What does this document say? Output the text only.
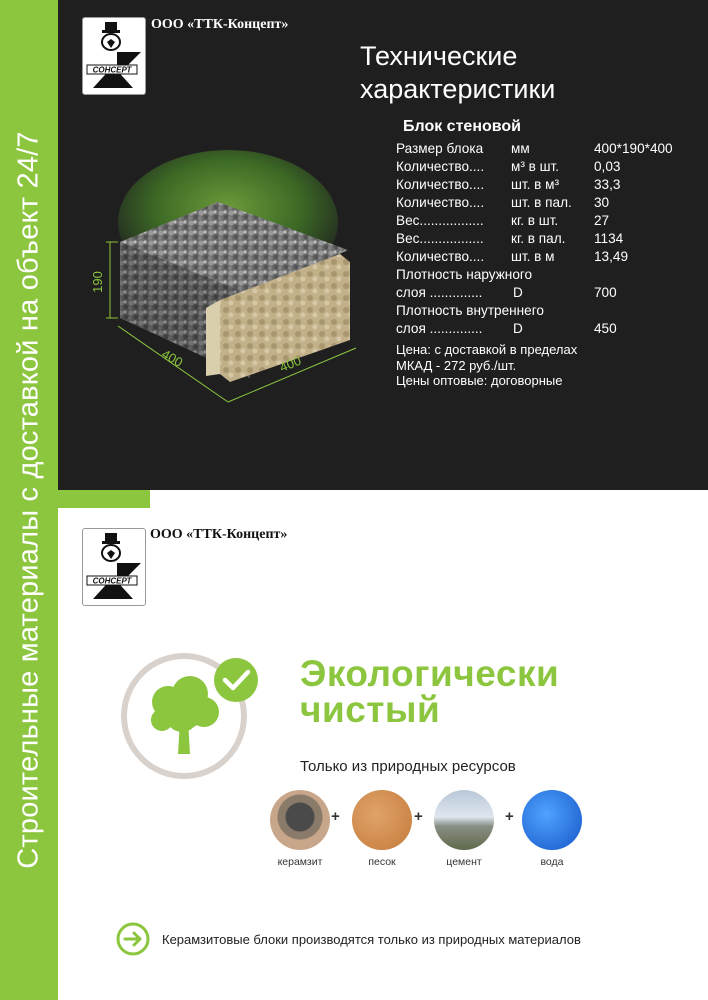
Строительные материалы с доставкой на объект 24/7
СОНСЕРТ
ООО «ТТК-Концепт»
Технические
характеристики
190
400	400
Блок стеновой
Размер блока мм	400*190*400
Количество.... м³ в шт.	0,03
Количество.... шт. в м³	33,3
Количество.... шт. в пал. 30
Вес................. кг. в шт.	27
Вес................. кг. в пал. 1134
Количество.... шт. в м	13,49
Плотность наружного
слоя .............. D	700
Плотность внутреннего
слоя .............. D	450
Цена: с доставкой в пределах
МКАД - 272 руб./шт.
Цены оптовые: договорные
СОНСЕРТ
ООО «ТТК-Концепт»
Экологически
чистый
Только из природных ресурсов
керамзит
+
песок
+
цемент
+
вода
Керамзитовые блоки производятся только из природных материалов
